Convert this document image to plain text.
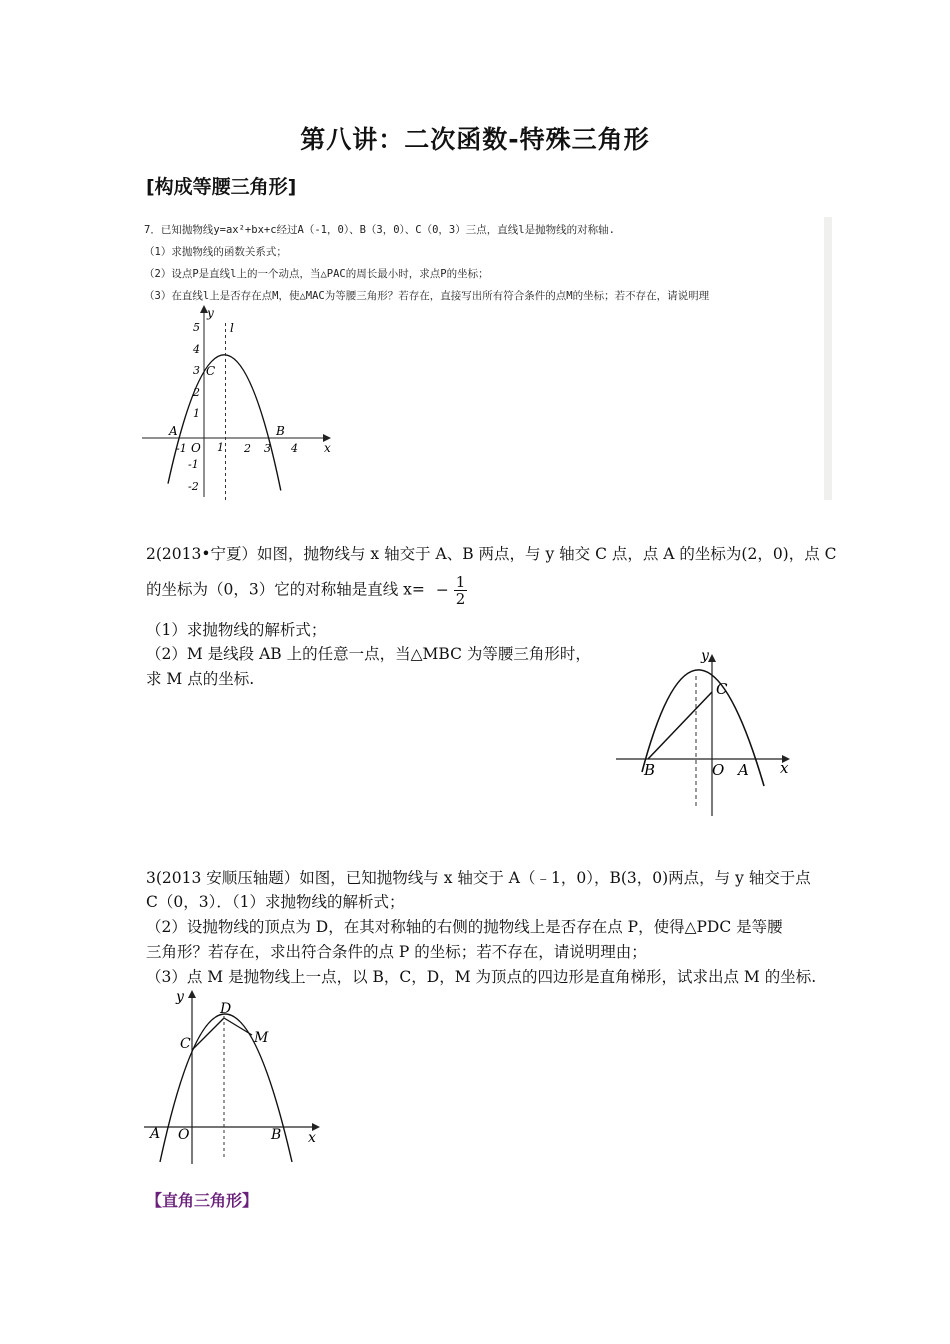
第八讲：二次函数-特殊三角形
[构成等腰三角形]
7．已知抛物线y=ax²+bx+c经过A（-1，0）、B（3，0）、C（0，3）三点，直线l是抛物线的对称轴.
（1）求抛物线的函数关系式；
（2）设点P是直线l上的一个动点，当△PAC的周长最小时，求点P的坐标；
（3）在直线l上是否存在点M，使△MAC为等腰三角形？若存在，直接写出所有符合条件的点M的坐标；若不存在，请说明理
5
4
3
2
1
-1
-2
-1	1 2 3 4
y
x
l
C
A	B
O
2(2013•宁夏）如图，抛物线与 x 轴交于 A、B 两点，与 y 轴交 C 点，点 A 的坐标为(2，0)，点 C
的坐标为（0，3）它的对称轴是直线 $x= - \frac{1}{2}$
（1）求抛物线的解析式；
（2）M 是线段 AB 上的任意一点，当△MBC 为等腰三角形时，
求 M 点的坐标.
y
x
C
B	O A
3(2013 安顺压轴题）如图，已知抛物线与 x 轴交于 A（﹣1，0），B(3，0)两点，与 y 轴交于点
C（0，3）．（1）求抛物线的解析式；
（2）设抛物线的顶点为 D，在其对称轴的右侧的抛物线上是否存在点 P，使得△PDC 是等腰
三角形？若存在，求出符合条件的点 P 的坐标；若不存在，请说明理由；
（3）点 M 是抛物线上一点，以 B，C，D，M 为顶点的四边形是直角梯形，试求出点 M 的坐标.
y
x
D
M
C
A O	B
【直角三角形】
